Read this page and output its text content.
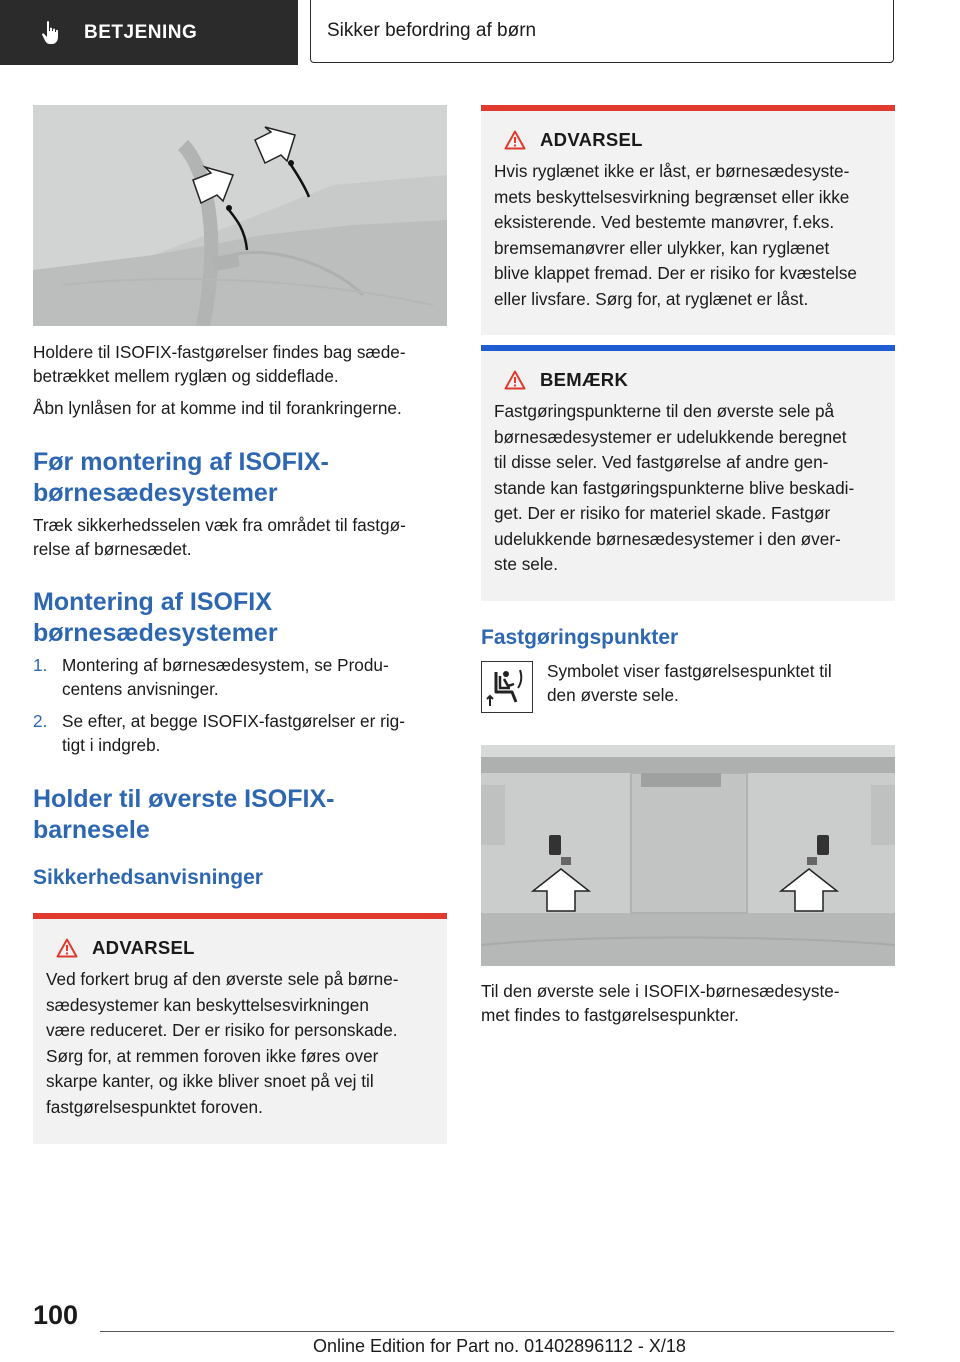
BETJENING	Sikker befordring af børn

Holdere til ISOFIX-fastgørelser findes bag sæde-
betrækket mellem ryglæn og siddeflade.

Åbn lynlåsen for at komme ind til forankringerne.

Før montering af ISOFIX-
børnesædesystemer

Træk sikkerhedsselen væk fra området til fastgø-
relse af børnesædet.

Montering af ISOFIX
børnesædesystemer
1. Montering af børnesædesystem, se Produ-
centens anvisninger.
2. Se efter, at begge ISOFIX-fastgørelser er rig-
tigt i indgreb.
Holder til øverste ISOFIX-
barnesele
Sikkerhedsanvisninger
ADVARSEL

Ved forkert brug af den øverste sele på børne-
sædesystemer kan beskyttelsesvirkningen
være reduceret. Der er risiko for personskade.
Sørg for, at remmen foroven ikke føres over
skarpe kanter, og ikke bliver snoet på vej til
fastgørelsespunktet foroven.

ADVARSEL

Hvis ryglænet ikke er låst, er børnesædesyste-
mets beskyttelsesvirkning begrænset eller ikke
eksisterende. Ved bestemte manøvrer, f.eks.
bremsemanøvrer eller ulykker, kan ryglænet
blive klappet fremad. Der er risiko for kvæstelse
eller livsfare. Sørg for, at ryglænet er låst.

BEMÆRK

Fastgøringspunkterne til den øverste sele på
børnesædesystemer er udelukkende beregnet
til disse seler. Ved fastgørelse af andre gen-
stande kan fastgøringspunkterne blive beskadi-
get. Der er risiko for materiel skade. Fastgør
udelukkende børnesædesystemer i den øver-
ste sele.

Fastgøringspunkter
Symbolet viser fastgørelsespunktet til
den øverste sele.

Til den øverste sele i ISOFIX-børnesædesyste-
met findes to fastgørelsespunkter.

100
Online Edition for Part no. 01402896112 - X/18
